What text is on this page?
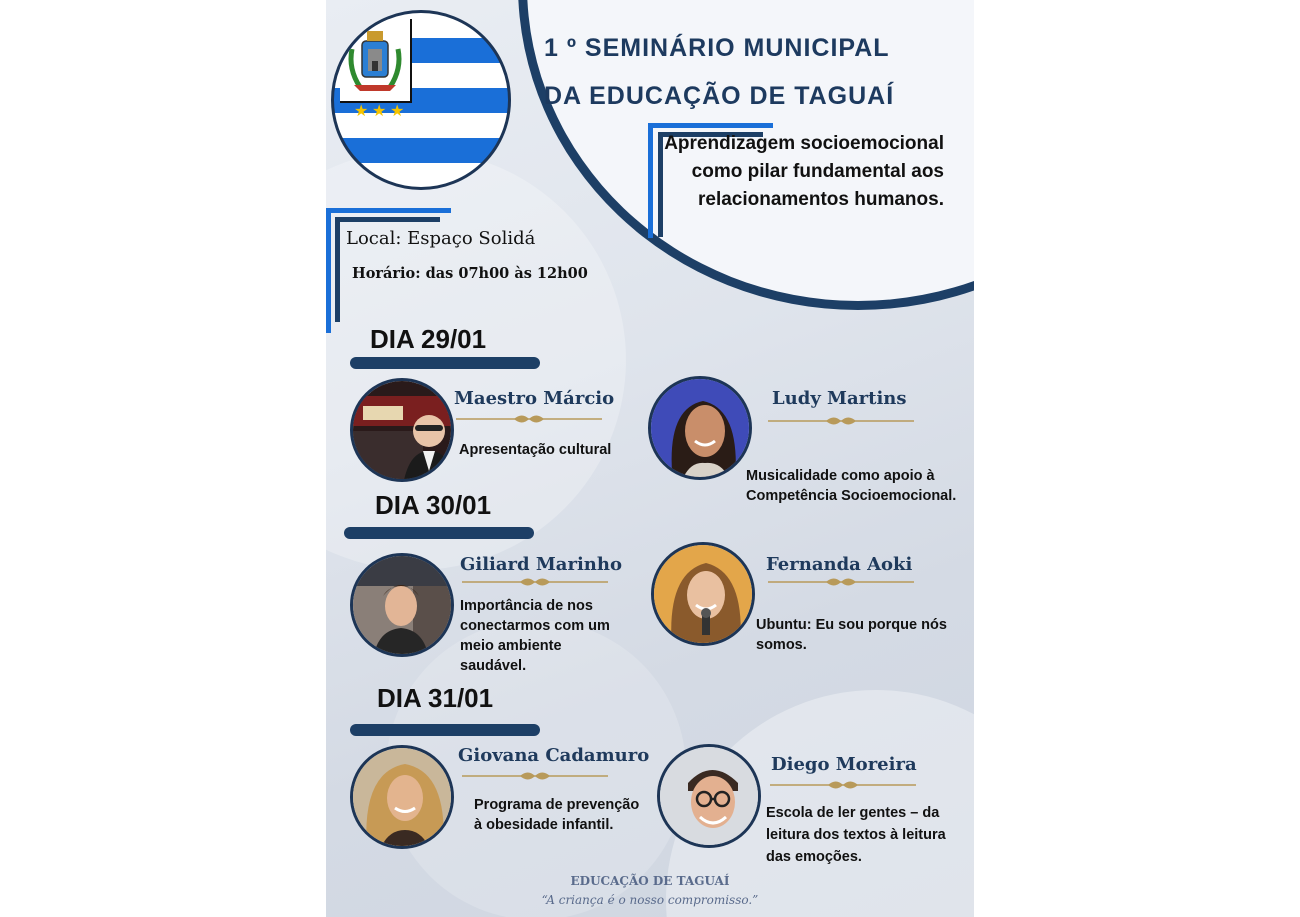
★ ★ ★
1 º SEMINÁRIO MUNICIPAL
DA EDUCAÇÃO DE TAGUAÍ
Aprendizagem socioemocional como pilar fundamental aos relacionamentos humanos.
Local: Espaço Solidá
Horário: das 07h00 às 12h00
DIA 29/01
Maestro Márcio
Apresentação cultural
Ludy Martins
Musicalidade como apoio à Competência Socioemocional.
DIA 30/01
Giliard Marinho
Importância de nos conectarmos com um meio ambiente saudável.
Fernanda Aoki
Ubuntu: Eu sou porque nós somos.
DIA 31/01
Giovana Cadamuro
Programa de prevenção à obesidade infantil.
Diego Moreira
Escola de ler gentes – da leitura dos textos à leitura das emoções.
EDUCAÇÃO DE TAGUAÍ
“A criança é o nosso compromisso.”
